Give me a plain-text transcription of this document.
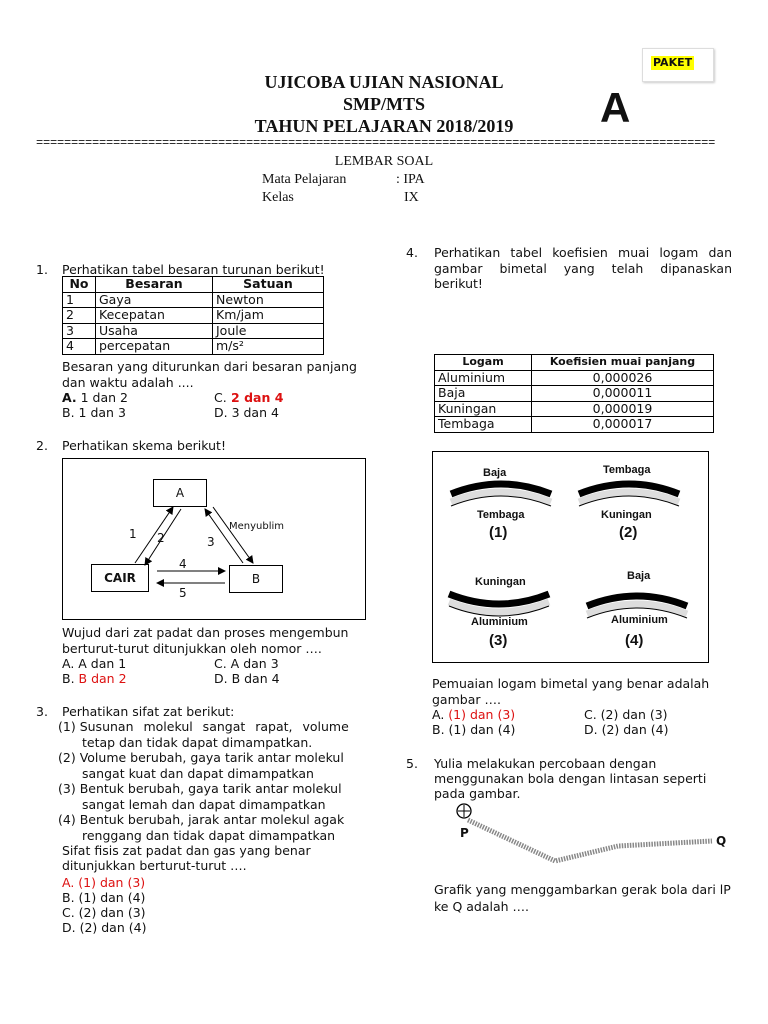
PAKET
A
UJICOBA UJIAN NASIONAL
SMP/MTS
TAHUN PELAJARAN 2018/2019
=================================================================================================
LEMBAR SOAL
Mata Pelajaran	: IPA
Kelas	IX
1. Perhatikan tabel besaran turunan berikut!
No	Besaran	Satuan
1	Gaya	Newton
2	Kecepatan	Km/jam
3	Usaha	Joule
4	percepatan	m/s²
Besaran yang diturunkan dari besaran panjang dan waktu adalah ....
A. 1 dan 2
B. 1 dan 3
C. 2 dan 4
D. 3 dan 4
2. Perhatikan skema berikut!
A
CAIR	B
1 2	3
Menyublim
4
5
Wujud dari zat padat dan proses mengembun berturut-turut ditunjukkan oleh nomor ….
A. A dan 1
B. B dan 2
C. A dan 3
D. B dan 4
3. Perhatikan sifat zat berikut:
(1) Susunan molekul sangat rapat, volume
tetap dan tidak dapat dimampatkan.
(2) Volume berubah, gaya tarik antar molekul
sangat kuat dan dapat dimampatkan
(3) Bentuk berubah, gaya tarik antar molekul
sangat lemah dan dapat dimampatkan
(4) Bentuk berubah, jarak antar molekul agak
renggang dan tidak dapat dimampatkan
Sifat fisis zat padat dan gas yang benar
ditunjukkan berturut-turut ….
A. (1) dan (3)
B. (1) dan (4)
C. (2) dan (3)
D. (2) dan (4)
4. Perhatikan tabel koefisien muai logam dan gambar bimetal yang telah dipanaskan berikut!
Logam	Koefisien muai panjang
Aluminium	0,000026
Baja	0,000011
Kuningan	0,000019
Tembaga	0,000017
Baja
Tembaga
(1)
Tembaga
Kuningan
(2)
Kuningan
Aluminium
(3)
Baja
Aluminium
(4)
Pemuaian logam bimetal yang benar adalah gambar ….
A. (1) dan (3)
B. (1) dan (4)
C. (2) dan (3)
D. (2) dan (4)
5. Yulia melakukan percobaan dengan
menggunakan bola dengan lintasan seperti
pada gambar.
P
Q
Grafik yang menggambarkan gerak bola dari lP
ke Q adalah ….
